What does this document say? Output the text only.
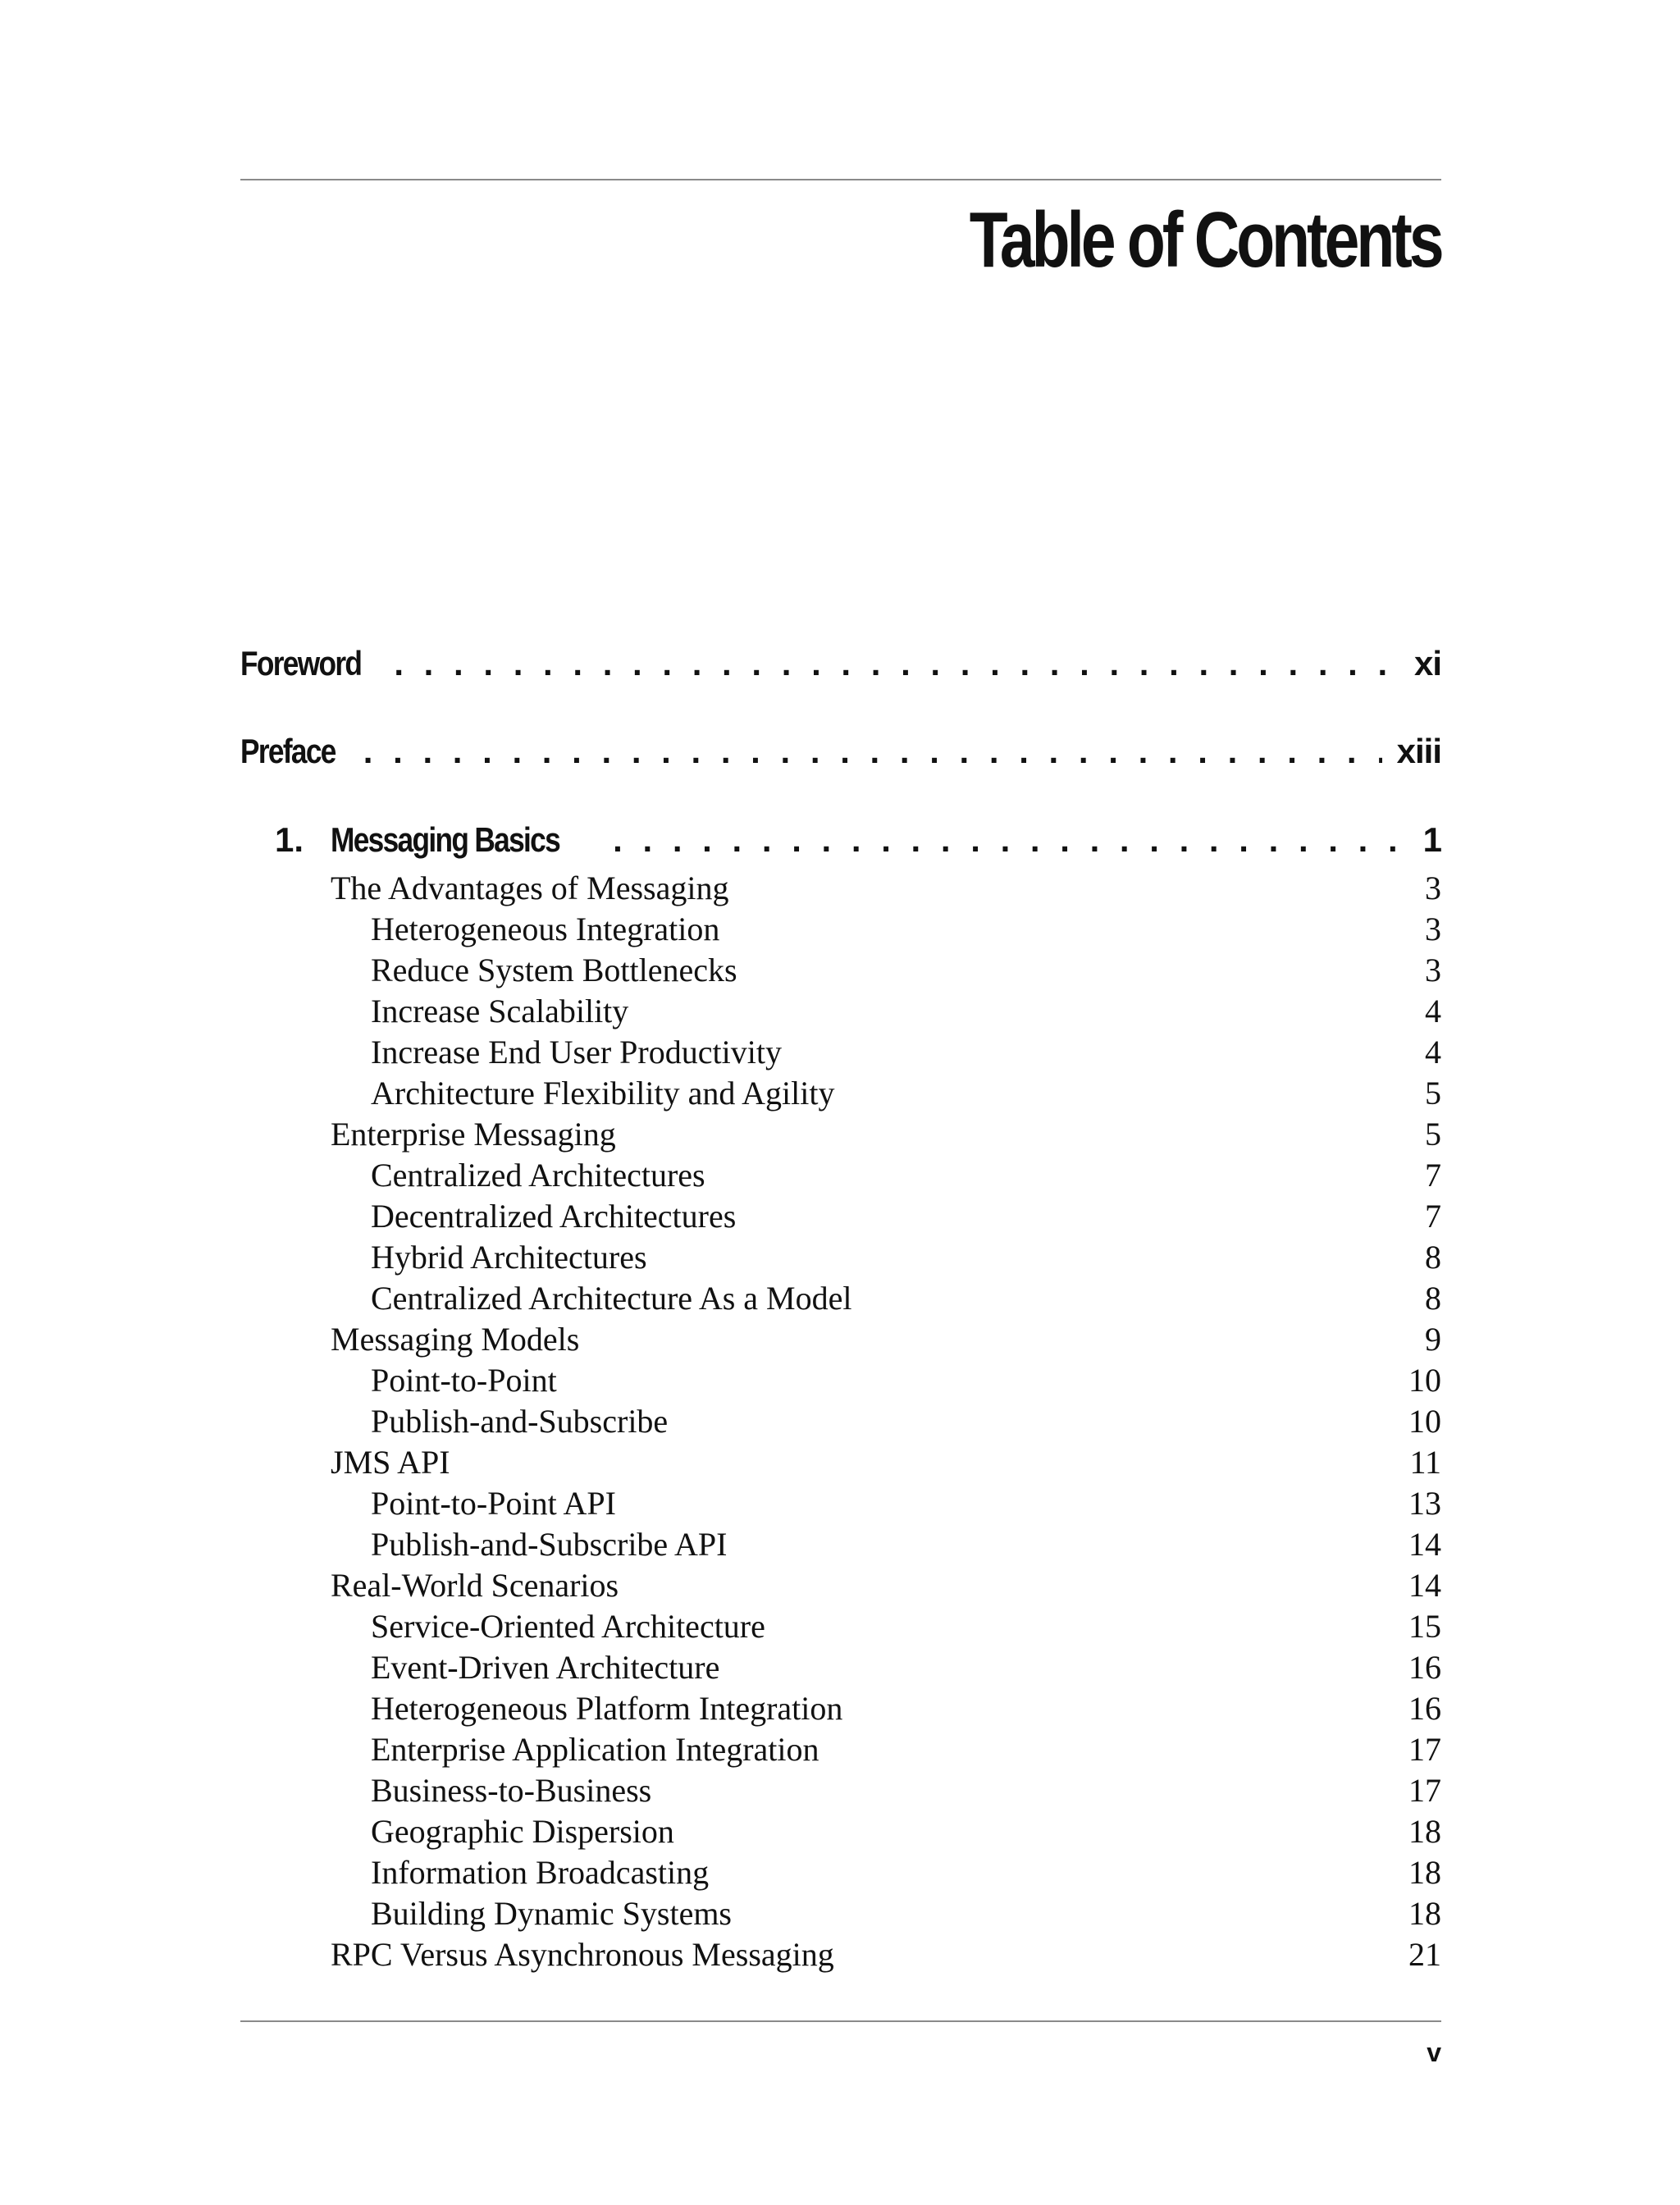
Table of Contents
Foreword . . .	xi
Preface . . .	xiii
1. Messaging Basics . . .	1
The Advantages of Messaging	3
Heterogeneous Integration	3
Reduce System Bottlenecks	3
Increase Scalability	4
Increase End User Productivity	4
Architecture Flexibility and Agility	5
Enterprise Messaging	5
Centralized Architectures	7
Decentralized Architectures	7
Hybrid Architectures	8
Centralized Architecture As a Model	8
Messaging Models	9
Point-to-Point	10
Publish-and-Subscribe	10
JMS API	11
Point-to-Point API	13
Publish-and-Subscribe API	14
Real-World Scenarios	14
Service-Oriented Architecture	15
Event-Driven Architecture	16
Heterogeneous Platform Integration	16
Enterprise Application Integration	17
Business-to-Business	17
Geographic Dispersion	18
Information Broadcasting	18
Building Dynamic Systems	18
RPC Versus Asynchronous Messaging	21
v
